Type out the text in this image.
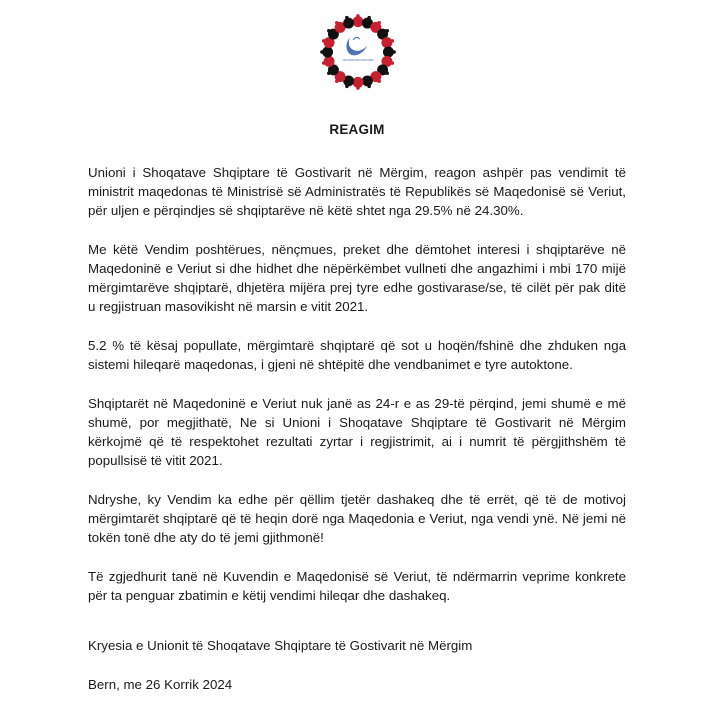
REAGIM

Unioni i Shoqatave Shqiptare të Gostivarit në Mërgim, reagon ashpër pas vendimit të ministrit maqedonas të Ministrisë së Administratës të Republikës së Maqedonisë së Veriut, për uljen e përqindjes së shqiptarëve në këtë shtet nga 29.5% në 24.30%.

Me këtë Vendim poshtërues, nënçmues, preket dhe dëmtohet interesi i shqiptarëve në Maqedoninë e Veriut si dhe hidhet dhe nëpërkëmbet vullneti dhe angazhimi i mbi 170 mijë mërgimtarëve shqiptarë, dhjetëra mijëra prej tyre edhe gostivarase/se, të cilët për pak ditë u regjistruan masovikisht në marsin e vitit 2021.

5.2 % të kësaj popullate, mërgimtarë shqiptarë që sot u hoqën/fshinë dhe zhduken nga sistemi hileqarë maqedonas, i gjeni në shtëpitë dhe vendbanimet e tyre autoktone.

Shqiptarët në Maqedoninë e Veriut nuk janë as 24-r e as 29-të përqind, jemi shumë e më shumë, por megjithatë, Ne si Unioni i Shoqatave Shqiptare të Gostivarit në Mërgim kërkojmë që të respektohet rezultati zyrtar i regjistrimit, ai i numrit të përgjithshëm të popullsisë të vitit 2021.

Ndryshe, ky Vendim ka edhe për qëllim tjetër dashakeq dhe të errët, që të de motivoj mërgimtarët shqiptarë që të heqin dorë nga Maqedonia e Veriut, nga vendi ynë. Në jemi në tokën tonë dhe aty do të jemi gjithmonë!

Të zgjedhurit tanë në Kuvendin e Maqedonisë së Veriut, të ndërmarrin veprime konkrete për ta penguar zbatimin e këtij vendimi hileqar dhe dashakeq.

Kryesia e Unionit të Shoqatave Shqiptare të Gostivarit në Mërgim
Bern, me 26 Korrik 2024
